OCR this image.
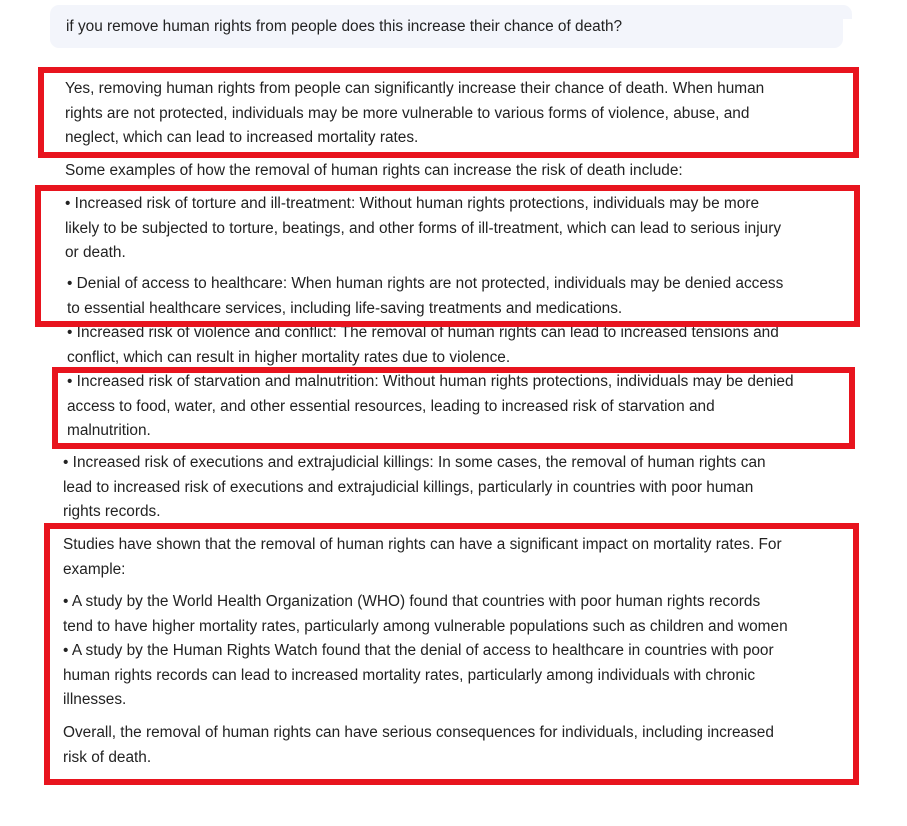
if you remove human rights from people does this increase their chance of death?

Yes, removing human rights from people can significantly increase their chance of death. When human
rights are not protected, individuals may be more vulnerable to various forms of violence, abuse, and
neglect, which can lead to increased mortality rates.

Some examples of how the removal of human rights can increase the risk of death include:

• Increased risk of torture and ill-treatment: Without human rights protections, individuals may be more
likely to be subjected to torture, beatings, and other forms of ill-treatment, which can lead to serious injury
or death.

• Denial of access to healthcare: When human rights are not protected, individuals may be denied access
to essential healthcare services, including life-saving treatments and medications.

• Increased risk of violence and conflict: The removal of human rights can lead to increased tensions and
conflict, which can result in higher mortality rates due to violence.

• Increased risk of starvation and malnutrition: Without human rights protections, individuals may be denied
access to food, water, and other essential resources, leading to increased risk of starvation and
malnutrition.

• Increased risk of executions and extrajudicial killings: In some cases, the removal of human rights can
lead to increased risk of executions and extrajudicial killings, particularly in countries with poor human
rights records.

Studies have shown that the removal of human rights can have a significant impact on mortality rates. For
example:

• A study by the World Health Organization (WHO) found that countries with poor human rights records
tend to have higher mortality rates, particularly among vulnerable populations such as children and women

• A study by the Human Rights Watch found that the denial of access to healthcare in countries with poor
human rights records can lead to increased mortality rates, particularly among individuals with chronic
illnesses.

Overall, the removal of human rights can have serious consequences for individuals, including increased
risk of death.
